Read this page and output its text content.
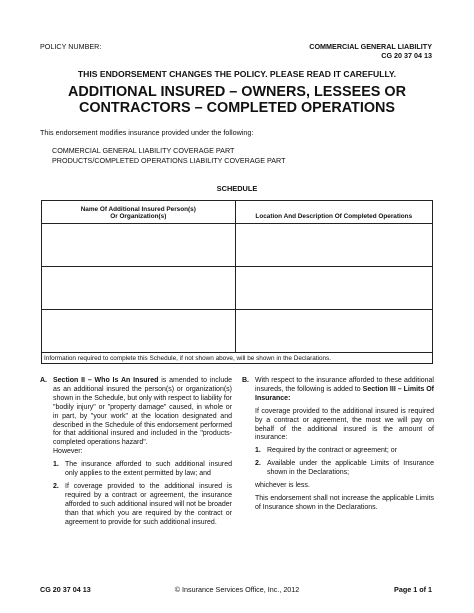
POLICY NUMBER:	COMMERCIAL GENERAL LIABILITY
CG 20 37 04 13
THIS ENDORSEMENT CHANGES THE POLICY. PLEASE READ IT CAREFULLY.
ADDITIONAL INSURED – OWNERS, LESSEES OR
CONTRACTORS – COMPLETED OPERATIONS
This endorsement modifies insurance provided under the following:
COMMERCIAL GENERAL LIABILITY COVERAGE PART
PRODUCTS/COMPLETED OPERATIONS LIABILITY COVERAGE PART
SCHEDULE
Name Of Additional Insured Person(s)
Or Organization(s)	Location And Description Of Completed Operations

Information required to complete this Schedule, if not shown above, will be shown in the Declarations.	
A. Section II – Who Is An Insured is amended to include as an additional insured the person(s) or organization(s) shown in the Schedule, but only with respect to liability for "bodily injury" or "property damage" caused, in whole or in part, by "your work" at the location designated and described in the Schedule of this endorsement performed for that additional insured and included in the "products-completed operations hazard".
However:
1. The insurance afforded to such additional insured only applies to the extent permitted by law; and
2. If coverage provided to the additional insured is required by a contract or agreement, the insurance afforded to such additional insured will not be broader than that which you are required by the contract or agreement to provide for such additional insured.
B. With respect to the insurance afforded to these additional insureds, the following is added to Section III – Limits Of Insurance:
If coverage provided to the additional insured is required by a contract or agreement, the most we will pay on behalf of the additional insured is the amount of insurance:
1. Required by the contract or agreement; or
2. Available under the applicable Limits of Insurance shown in the Declarations;
whichever is less.
This endorsement shall not increase the applicable Limits of Insurance shown in the Declarations.
CG 20 37 04 13	© Insurance Services Office, Inc., 2012	Page 1 of 1
